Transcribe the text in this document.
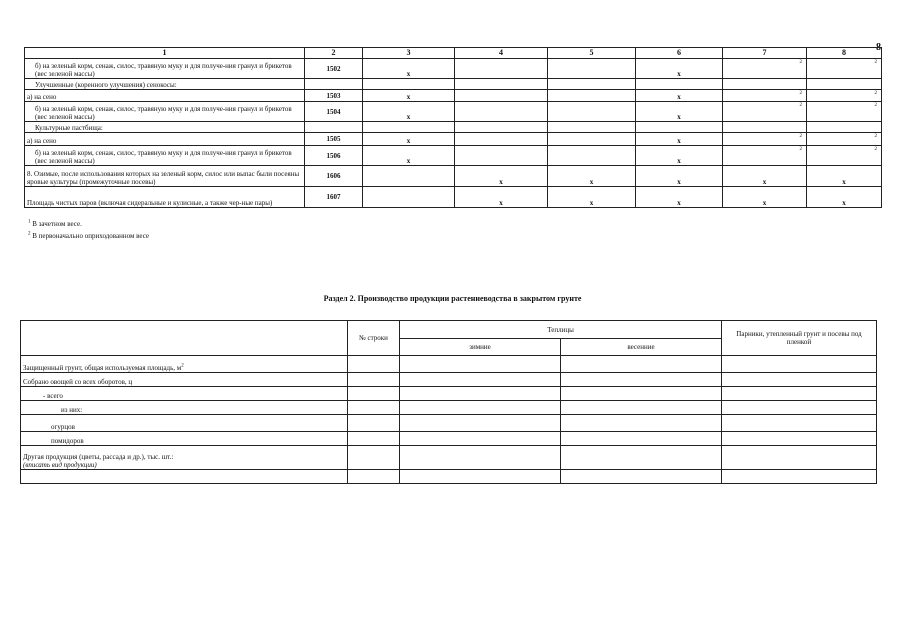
8
1	2	3	4	5	6	7	8
б) на зеленый корм, сенаж, силос, травяную муку и для получе-ния гранул и брикетов (вес зеленой массы)	1502	x			x	2	2
Улучшенные (коренного улучшения) сенокосы:							
а) на сено	1503	x			x	2	2
б) на зеленый корм, сенаж, силос, травяную муку и для получе-ния гранул и брикетов (вес зеленой массы)	1504	x			x	2	2
Культурные пастбища:							
а) на сено	1505	x			x	2	2
б) на зеленый корм, сенаж, силос, травяную муку и для получе-ния гранул и брикетов (вес зеленой массы)	1506	x			x	2	2
8. Озимые, после использования которых на зеленый корм, силос или выпас были посеяны яровые культуры (промежуточные посевы)	1606		x	x	x	x	x
Площадь чистых паров (включая сидеральные и кулисные, а также чер-ные пары)	1607		x	x	x	x	x
$^1$ В зачетном весе.
$^2$ В первоначально оприходованном весе
Раздел 2. Производство продукции растениеводства в закрытом грунте
	№ строки	Теплицы		Парники, утепленный грунт и посевы под пленкой
		зимние	весенние	
Защищенный грунт, общая используемая площадь, $м^2$				
Собрано овощей со всех оборотов, ц				
- всего				
из них:				
огурцов				
помидоров				

Другая продукция (цветы, рассада и др.), тыс. шт.:
(вписать вид продукции)				
